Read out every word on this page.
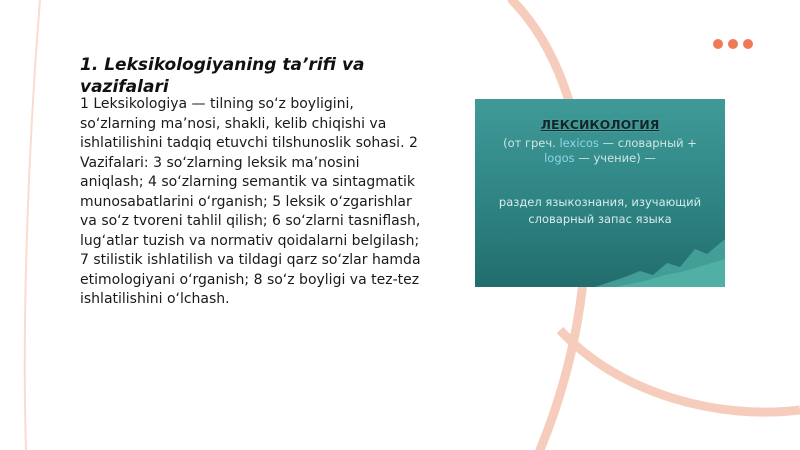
1. Leksikologiyaning ta’rifi va vazifalari

1 Leksikologiya — tilning so‘z boyligini, so‘zlarning ma’nosi, shakli, kelib chiqishi va ishlatilishini tadqiq etuvchi tilshunoslik sohasi. 2 Vazifalari: 3 so‘zlarning leksik ma’nosini aniqlash; 4 so‘zlarning semantik va sintagmatik munosabatlarini o‘rganish; 5 leksik o‘zgarishlar va so‘z tvoreni tahlil qilish; 6 so‘zlarni tasniflash, lug‘atlar tuzish va normativ qoidalarni belgilash; 7 stilistik ishlatilish va tildagi qarz so‘zlar hamda etimologiyani o‘rganish; 8 so‘z boyligi va tez-tez ishlatilishini o‘lchash.

ЛЕКСИКОЛОГИЯ
(от греч. lexicos — словарный +
logos — учение) —
раздел языкознания, изучающий словарный запас языка
